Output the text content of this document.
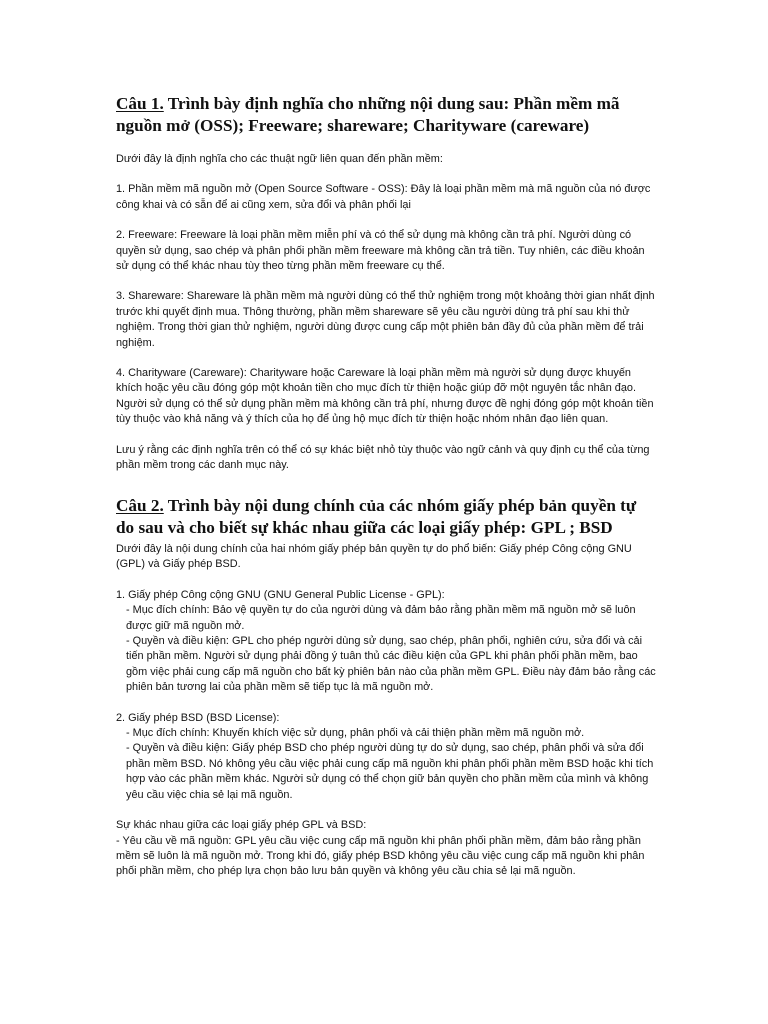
Câu 1. Trình bày định nghĩa cho những nội dung sau: Phần mềm mã nguồn mở (OSS); Freeware; shareware; Charityware (careware)

Dưới đây là định nghĩa cho các thuật ngữ liên quan đến phần mềm:

1. Phần mềm mã nguồn mở (Open Source Software - OSS): Đây là loại phần mềm mà mã nguồn của nó được công khai và có sẵn để ai cũng xem, sửa đổi và phân phối lại

2. Freeware: Freeware là loại phần mềm miễn phí và có thể sử dụng mà không cần trả phí. Người dùng có quyền sử dụng, sao chép và phân phối phần mềm freeware mà không cần trả tiền. Tuy nhiên, các điều khoản sử dụng có thể khác nhau tùy theo từng phần mềm freeware cụ thể.

3. Shareware: Shareware là phần mềm mà người dùng có thể thử nghiệm trong một khoảng thời gian nhất định trước khi quyết định mua. Thông thường, phần mềm shareware sẽ yêu cầu người dùng trả phí sau khi thử nghiệm. Trong thời gian thử nghiệm, người dùng được cung cấp một phiên bản đầy đủ của phần mềm để trải nghiệm.

4. Charityware (Careware): Charityware hoặc Careware là loại phần mềm mà người sử dụng được khuyến khích hoặc yêu cầu đóng góp một khoản tiền cho mục đích từ thiện hoặc giúp đỡ một nguyên tắc nhân đạo. Người sử dụng có thể sử dụng phần mềm mà không cần trả phí, nhưng được đề nghị đóng góp một khoản tiền tùy thuộc vào khả năng và ý thích của họ để ủng hộ mục đích từ thiện hoặc nhóm nhân đạo liên quan.

Lưu ý rằng các định nghĩa trên có thể có sự khác biệt nhỏ tùy thuộc vào ngữ cảnh và quy định cụ thể của từng phần mềm trong các danh mục này.

Câu 2. Trình bày nội dung chính của các nhóm giấy phép bản quyền tự do sau và cho biết sự khác nhau giữa các loại giấy phép: GPL ; BSD

Dưới đây là nội dung chính của hai nhóm giấy phép bản quyền tự do phổ biến: Giấy phép Công cộng GNU (GPL) và Giấy phép BSD.

1. Giấy phép Công cộng GNU (GNU General Public License - GPL):

- Mục đích chính: Bảo vệ quyền tự do của người dùng và đảm bảo rằng phần mềm mã nguồn mở sẽ luôn được giữ mã nguồn mở.

- Quyền và điều kiện: GPL cho phép người dùng sử dụng, sao chép, phân phối, nghiên cứu, sửa đổi và cải tiến phần mềm. Người sử dụng phải đồng ý tuân thủ các điều kiện của GPL khi phân phối phần mềm, bao gồm việc phải cung cấp mã nguồn cho bất kỳ phiên bản nào của phần mềm GPL. Điều này đảm bảo rằng các phiên bản tương lai của phần mềm sẽ tiếp tục là mã nguồn mở.

2. Giấy phép BSD (BSD License):

- Mục đích chính: Khuyến khích việc sử dụng, phân phối và cải thiện phần mềm mã nguồn mở.

- Quyền và điều kiện: Giấy phép BSD cho phép người dùng tự do sử dụng, sao chép, phân phối và sửa đổi phần mềm BSD. Nó không yêu cầu việc phải cung cấp mã nguồn khi phân phối phần mềm BSD hoặc khi tích hợp vào các phần mềm khác. Người sử dụng có thể chọn giữ bản quyền cho phần mềm của mình và không yêu cầu việc chia sẻ lại mã nguồn.

Sự khác nhau giữa các loại giấy phép GPL và BSD:

- Yêu cầu về mã nguồn: GPL yêu cầu việc cung cấp mã nguồn khi phân phối phần mềm, đảm bảo rằng phần mềm sẽ luôn là mã nguồn mở. Trong khi đó, giấy phép BSD không yêu cầu việc cung cấp mã nguồn khi phân phối phần mềm, cho phép lựa chọn bảo lưu bản quyền và không yêu cầu chia sẻ lại mã nguồn.
